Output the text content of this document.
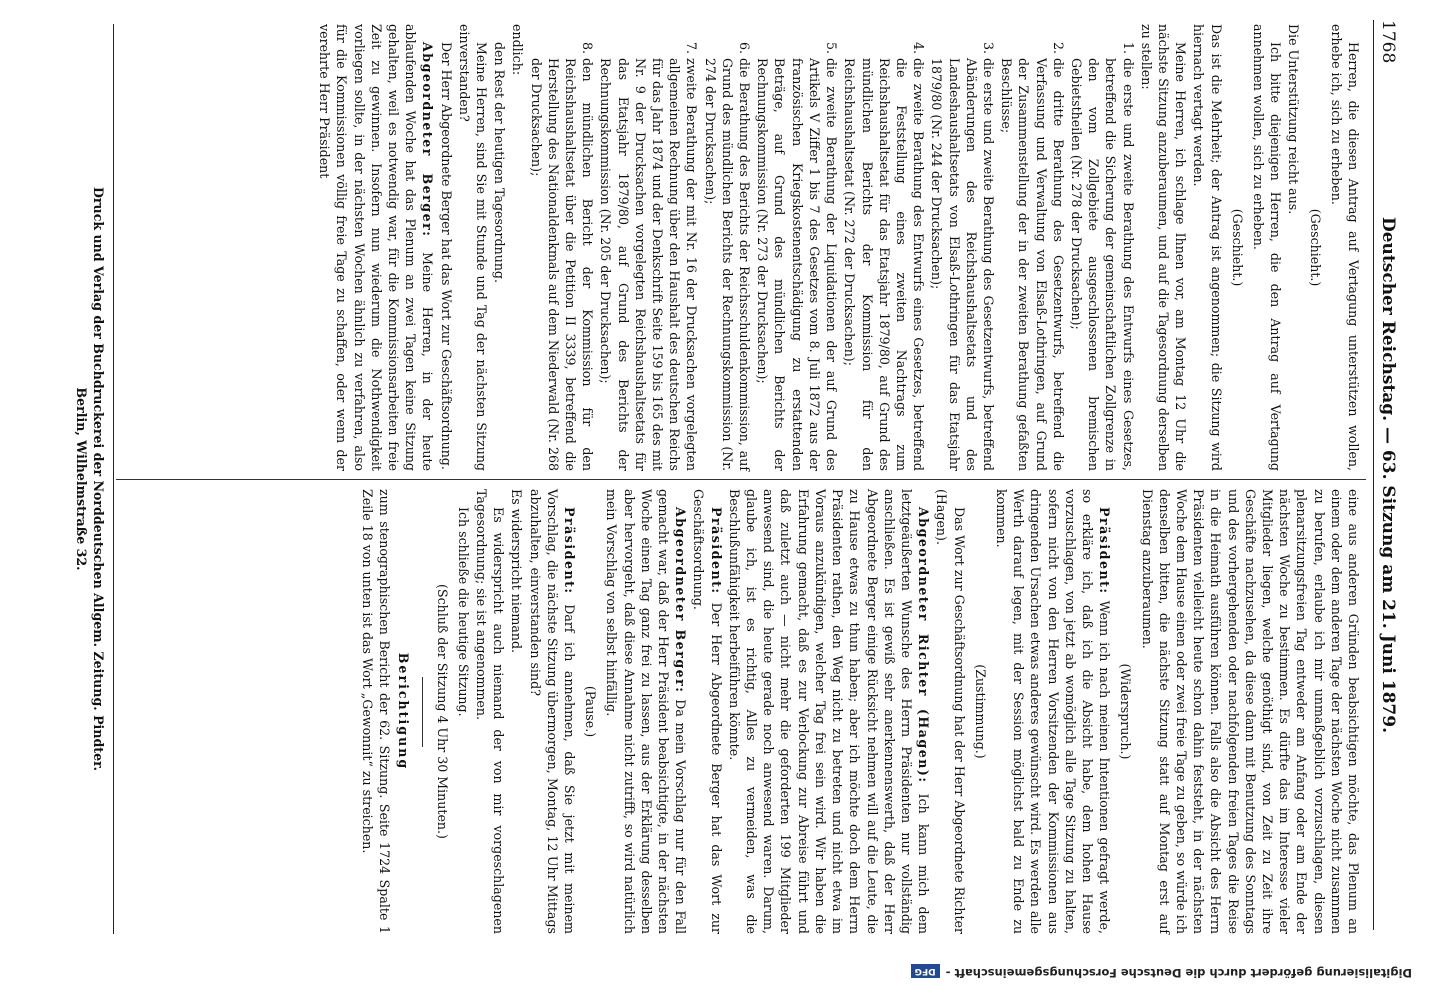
1768
Deutscher Reichstag. — 63. Sitzung am 21. Juni 1879.

Herren, die diesen Antrag auf Vertagung unterstützen wollen, erhebe ich, sich zu erheben.

(Geschieht.)

Die Unterstützung reicht aus.

Ich bitte diejenigen Herren, die den Antrag auf Vertagung annehmen wollen, sich zu erheben.

(Geschieht.)

Das ist die Mehrheit; der Antrag ist angenommen; die Sitzung wird hiernach vertagt werden.

Meine Herren, ich schlage Ihnen vor, am Montag 12 Uhr die nächste Sitzung anzuberaumen, und auf die Tagesordnung derselben zu stellen:

1. die erste und zweite Berathung des Entwurfs eines Gesetzes, betreffend die Sicherung der gemeinschaftlichen Zollgrenze in den vom Zollgebiete ausgeschlossenen bremischen Gebietstheilen (Nr. 278 der Drucksachen);
2. die dritte Berathung des Gesetzentwurfs, betreffend die Verfassung und Verwaltung von Elsaß-Lothringen, auf Grund der Zusammenstellung der in der zweiten Berathung gefaßten Beschlüsse;
3. die erste und zweite Berathung des Gesetzentwurfs, betreffend Abänderungen des Reichshaushaltsetats und des Landeshaushaltsetats von Elsaß-Lothringen für das Etatsjahr 1879/80 (Nr. 244 der Drucksachen);
4. die zweite Berathung des Entwurfs eines Gesetzes, betreffend die Feststellung eines zweiten Nachtrags zum Reichshaushaltsetat für das Etatsjahr 1879/80, auf Grund des mündlichen Berichts der Kommission für den Reichshaushaltsetat (Nr. 272 der Drucksachen);
5. die zweite Berathung der Liquidationen der auf Grund des Artikels V Ziffer 1 bis 7 des Gesetzes vom 8. Juli 1872 aus der französischen Kriegskostenentschädigung zu erstattenden Beträge, auf Grund des mündlichen Berichts der Rechnungskommission (Nr. 273 der Drucksachen);
6. die Berathung des Berichts der Reichsschuldenkommission, auf Grund des mündlichen Berichts der Rechnungskommission (Nr. 274 der Drucksachen);
7. zweite Berathung der mit Nr. 16 der Drucksachen vorgelegten allgemeinen Rechnung über den Haushalt des deutschen Reichs für das Jahr 1874 und der Denkschrift Seite 159 bis 165 des mit Nr. 9 der Drucksachen vorgelegten Reichshaushaltsetats für das Etatsjahr 1879/80, auf Grund des Berichts der Rechnungskommission (Nr. 205 der Drucksachen);
8. den mündlichen Bericht der Kommission für den Reichshaushaltsetat über die Petition II 3339, betreffend die Herstellung des Nationaldenkmals auf dem Niederwald (Nr. 268 der Drucksachen);

endlich:

den Rest der heutigen Tagesordnung.

Meine Herren, sind Sie mit Stunde und Tag der nächsten Sitzung einverstanden?

Der Herr Abgeordnete Berger hat das Wort zur Geschäftsordnung.

Abgeordneter Berger: Meine Herren, in der heute ablaufenden Woche hat das Plenum an zwei Tagen keine Sitzung gehalten, weil es notwendig war, für die Kommissionsarbeiten freie Zeit zu gewinnen. Insofern nun wiederum die Nothwendigkeit vorliegen sollte, in der nächsten Wochen ähnlich zu verfahren, also für die Kommissionen völlig freie Tage zu schaffen, oder wenn der verehrte Herr Präsident

eine aus anderen Gründen beabsichtigen möchte, das Plenum an einem oder dem anderen Tage der nächsten Woche nicht zusammen zu berufen, erlaube ich mir unmaßgeblich vorzuschlagen, diesen plenarsitzungsfreien Tag entweder am Anfang oder am Ende der nächsten Woche zu bestimmen. Es dürfte das im Interesse vieler Mitglieder liegen, welche genöthigt sind, von Zeit zu Zeit ihre Geschäfte nachzusehen, da diese dann mit Benutzung des Sonntags und des vorhergehenden oder nachfolgenden freien Tages die Reise in die Heimath ausführen können. Falls also die Absicht des Herrn Präsidenten vielleicht heute schon dahin feststeht, in der nächsten Woche dem Hause einen oder zwei freie Tage zu geben, so würde ich denselben bitten, die nächste Sitzung statt auf Montag erst auf Dienstag anzuberaumen.

(Widerspruch.)

Präsident: Wenn ich nach meinen Intentionen gefragt werde, so erkläre ich, daß ich die Absicht habe, dem hohen Hause vorzuschlagen, von jetzt ab womöglich alle Tage Sitzung zu halten, sofern nicht von den Herren Vorsitzenden der Kommissionen aus dringenden Ursachen etwas anderes gewünscht wird. Es werden alle Werth darauf legen, mit der Session möglichst bald zu Ende zu kommen.

(Zustimmung.)

Das Wort zur Geschäftsordnung hat der Herr Abgeordnete Richter (Hagen).

Abgeordneter Richter (Hagen): Ich kann mich dem letztgeäußerten Wunsche des Herrn Präsidenten nur vollständig anschließen. Es ist gewiß sehr anerkennenswerth, daß der Herr Abgeordnete Berger einige Rücksicht nehmen will auf die Leute, die zu Hause etwas zu thun haben; aber ich möchte doch dem Herrn Präsidenten rathen, den Weg nicht zu betreten und nicht etwa im Voraus anzukündigen, welcher Tag frei sein wird. Wir haben die Erfahrung gemacht, daß es zur Verlockung zur Abreise führt und daß zuletzt auch — nicht mehr die geforderten 199 Mitglieder anwesend sind, die heute gerade noch anwesend waren. Darum, glaube ich, ist es richtig, Alles zu vermeiden, was die Beschlußunfähigkeit herbeiführen könnte.

Präsident: Der Herr Abgeordnete Berger hat das Wort zur Geschäftsordnung.

Abgeordneter Berger: Da mein Vorschlag nur für den Fall gemacht war, daß der Herr Präsident beabsichtigte, in der nächsten Woche einen Tag ganz frei zu lassen, aus der Erklärung desselben aber hervorgeht, daß diese Annahme nicht zutrifft, so wird natürlich mein Vorschlag von selbst hinfällig.

(Pause.)

Präsident: Darf ich annehmen, daß Sie jetzt mit meinem Vorschlag, die nächste Sitzung übermorgen, Montag, 12 Uhr Mittags abzuhalten, einverstanden sind?

Es widerspricht niemand.

Es widerspricht auch niemand der von mir vorgeschlagenen Tagesordnung; sie ist angenommen.

Ich schließe die heutige Sitzung.

(Schluß der Sitzung 4 Uhr 30 Minuten.)

Berichtigung

zum stenographischen Bericht der 62. Sitzung. Seite 1724 Spalte 1 Zeile 18 von unten ist das Wort „Gewonnit“ zu streichen.

Druck und Verlag der Buchdruckerei der Norddeutschen Allgem. Zeitung. Pindter.
Berlin, Wilhelmstraße 32.
Digitalisierung gefördert durch die Deutsche Forschungsgemeinschaft -DFG
